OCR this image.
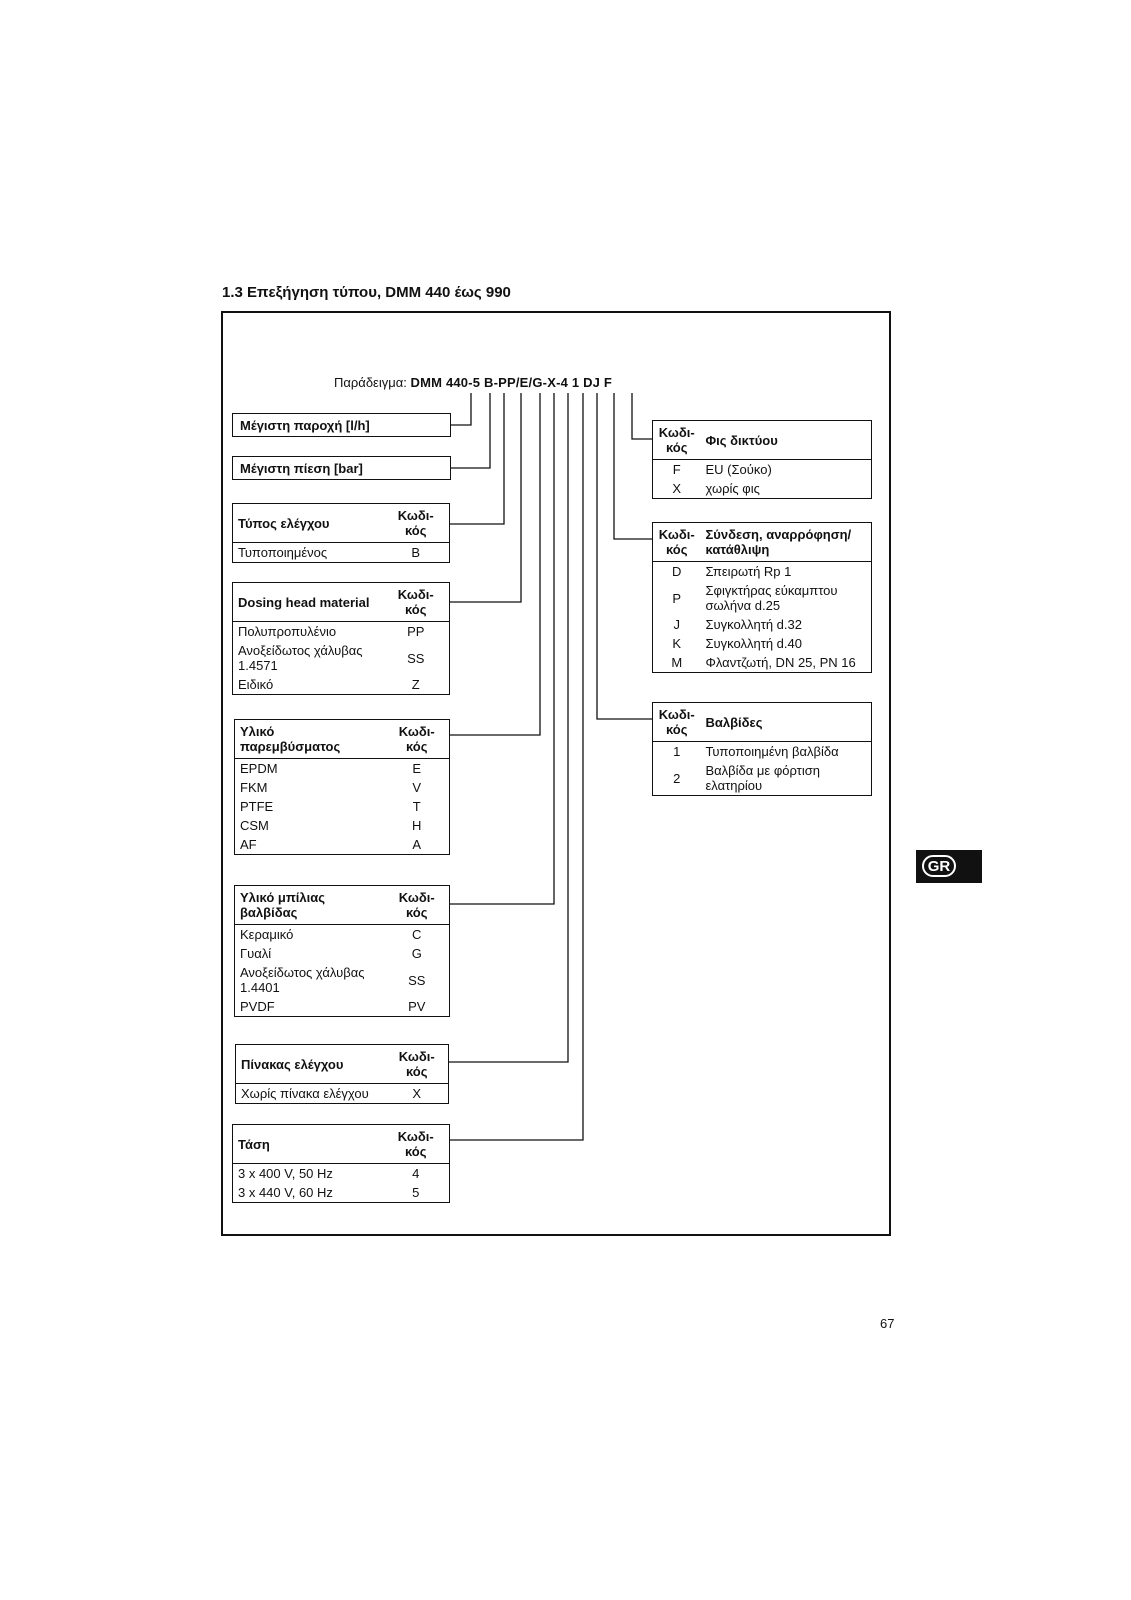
1.3 Επεξήγηση τύπου, DMM 440 έως 990
Παράδειγμα: DMM 440-5 B-PP/E/G-X-4 1 DJ F
Μέγιστη παροχή [l/h]
Μέγιστη πίεση [bar]
Τύπος ελέγχου	Κωδι-
κός
Τυποποιημένος	B
Dosing head material	Κωδι-
κός
Πολυπροπυλένιο	PP
Ανοξείδωτος χάλυβας
1.4571	SS
Ειδικό	Z
Υλικό
παρεμβύσματος	Κωδι-
κός
EPDM	E
FKM	V
PTFE	T
CSM	H
AF	A
Υλικό μπίλιας
βαλβίδας	Κωδι-
κός
Κεραμικό	C
Γυαλί	G
Ανοξείδωτος χάλυβας
1.4401	SS
PVDF	PV
Πίνακας ελέγχου	Κωδι-
κός
Χωρίς πίνακα ελέγχου	X
Τάση	Κωδι-
κός
3 x 400 V, 50 Hz	4
3 x 440 V, 60 Hz	5
Κωδι-
κός	Φις δικτύου
F	EU (Σούκο)
X	χωρίς φις
Κωδι-
κός	Σύνδεση, αναρρόφηση/
κατάθλιψη
D	Σπειρωτή Rp 1
P	Σφιγκτήρας εύκαμπτου
σωλήνα d.25
J	Συγκολλητή d.32
K	Συγκολλητή d.40
M	Φλαντζωτή, DN 25, PN 16
Κωδι-
κός	Βαλβίδες
1	Τυποποιημένη βαλβίδα
2	Βαλβίδα με φόρτιση
ελατηρίου
GR
67
